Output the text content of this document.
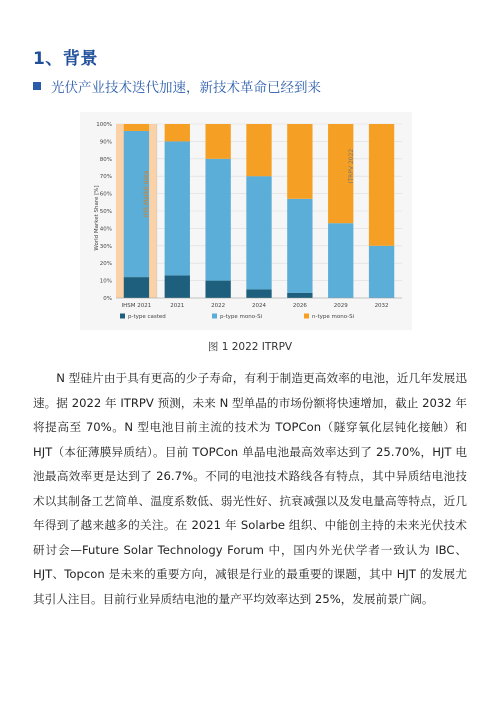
1、背景
光伏产业技术迭代加速，新技术革命已经到来
0%
10%
20%
30%
40%
50%
60%
70%
80%
90%
100%
IHSM 2021	2021	2022	2024	2026	2029	2032
IHS Markit data
ITRPV 2022
p-type casted	p-type mono-Si	n-type mono-Si
World Market Share [%]
图 1 2022 ITRPV

N 型硅片由于具有更高的少子寿命，有利于制造更高效率的电池，近几年发展迅速。据 2022 年 ITRPV 预测，未来 N 型单晶的市场份额将快速增加，截止 2032 年将提高至 70%。N 型电池目前主流的技术为 TOPCon（隧穿氧化层钝化接触）和 HJT（本征薄膜异质结）。目前 TOPCon 单晶电池最高效率达到了 25.70%，HJT 电池最高效率更是达到了 26.7%。不同的电池技术路线各有特点，其中异质结电池技术以其制备工艺简单、温度系数低、弱光性好、抗衰减强以及发电量高等特点，近几年得到了越来越多的关注。在 2021 年 Solarbe 组织、中能创主持的未来光伏技术研讨会—Future Solar Technology Forum 中，国内外光伏学者一致认为 IBC、HJT、Topcon 是未来的重要方向，减银是行业的最重要的课题，其中 HJT 的发展尤其引人注目。目前行业异质结电池的量产平均效率达到 25%，发展前景广阔。
